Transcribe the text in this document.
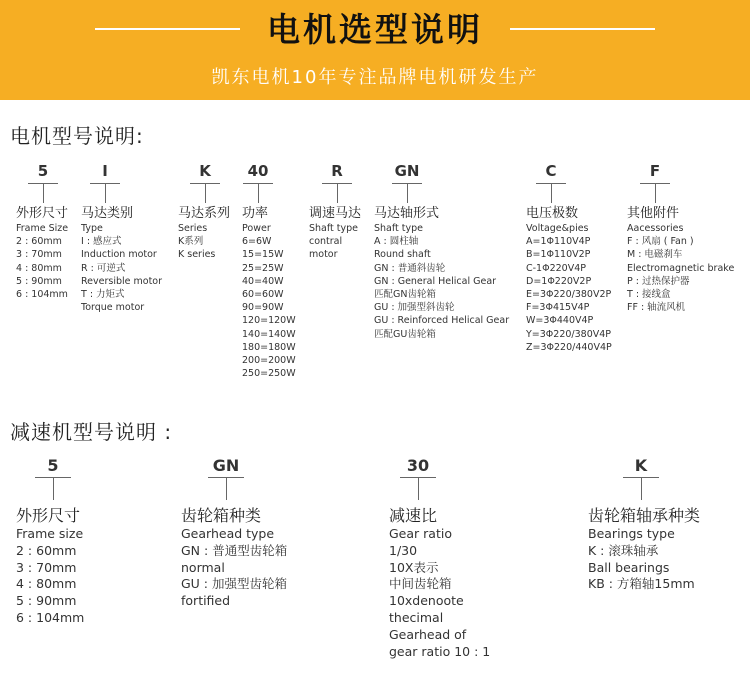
电机选型说明
凯东电机10年专注品牌电机研发生产
电机型号说明:
5
外形尺寸
Frame Size
2 : 60mm
3 : 70mm
4 : 80mm
5 : 90mm
6 : 104mm
I
马达类别
Type
I : 感应式
Induction motor
R : 可逆式
Reversible motor
T : 力矩式
Torque motor
K
马达系列
Series
K系列
K series
40
功率
Power
6=6W
15=15W
25=25W
40=40W
60=60W
90=90W
120=120W
140=140W
180=180W
200=200W
250=250W
R
调速马达
Shaft type
contral
motor
GN
马达轴形式
Shaft type
A : 圆柱轴
Round shaft
GN : 普通斜齿轮
GN : General Helical Gear
匹配GN齿轮箱
GU : 加强型斜齿轮
GU : Reinforced Helical Gear
匹配GU齿轮箱
C
电压极数
Voltage&pies
A=1Φ110V4P
B=1Φ110V2P
C-1Φ220V4P
D=1Φ220V2P
E=3Φ220/380V2P
F=3Φ415V4P
W=3Φ440V4P
Y=3Φ220/380V4P
Z=3Φ220/440V4P
F
其他附件
Aacessories
F : 风扇 ( Fan )
M : 电磁刹车
Electromagnetic brake
P : 过热保护器
T : 接线盒
FF : 轴流风机
减速机型号说明 :
5
外形尺寸
Frame size
2 : 60mm
3 : 70mm
4 : 80mm
5 : 90mm
6 : 104mm
GN
齿轮箱种类
Gearhead type
GN : 普通型齿轮箱
normal
GU : 加强型齿轮箱
fortified
30
减速比
Gear ratio
1/30
10X表示
中间齿轮箱
10xdenoote
thecimal
Gearhead of
gear ratio 10 : 1
K
齿轮箱轴承种类
Bearings type
K : 滚珠轴承
Ball bearings
KB : 方箱轴15mm
